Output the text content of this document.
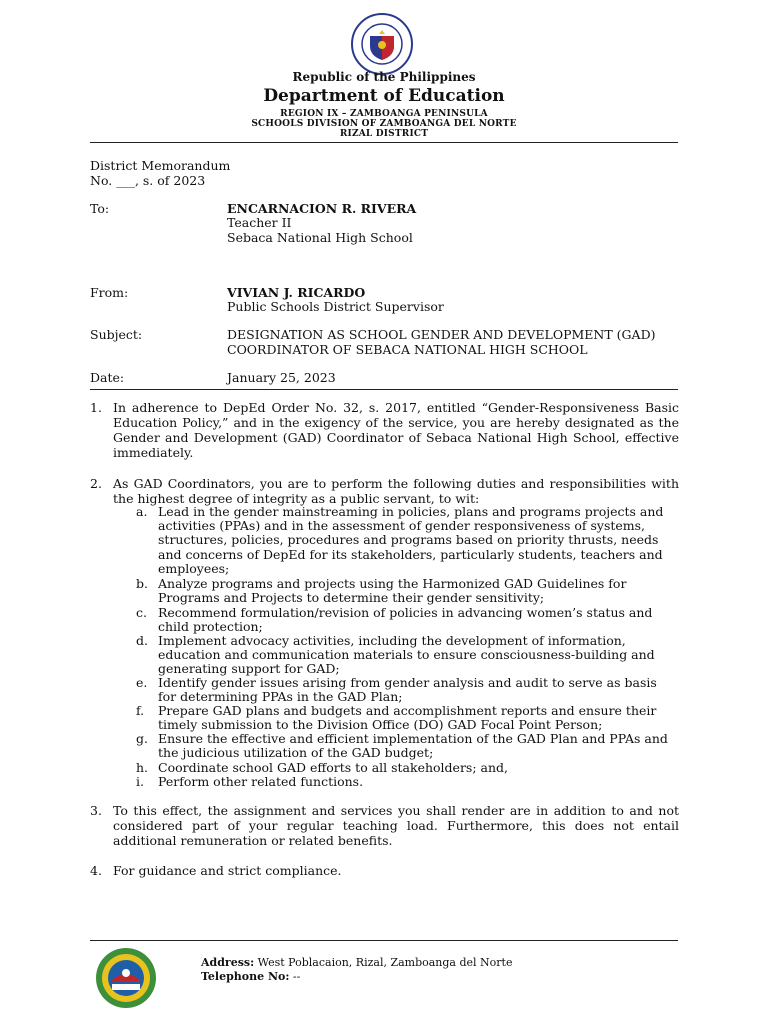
Republic of the Philippines
Department of Education
REGION IX – ZAMBOANGA PENINSULA
SCHOOLS DIVISION OF ZAMBOANGA DEL NORTE
RIZAL DISTRICT
District Memorandum
No. ___, s. of 2023
To:	ENCARNACION R. RIVERA
Teacher II
Sebaca National High School
From:	VIVIAN J. RICARDO
Public Schools District Supervisor
Subject:	DESIGNATION AS SCHOOL GENDER AND DEVELOPMENT (GAD)
COORDINATOR OF SEBACA NATIONAL HIGH SCHOOL
Date:	January 25, 2023
1. In adherence to DepEd Order No. 32, s. 2017, entitled “Gender-Responsiveness Basic Education Policy,” and in the exigency of the service, you are hereby designated as the Gender and Development (GAD) Coordinator of Sebaca National High School, effective immediately.
2. As GAD Coordinators, you are to perform the following duties and responsibilities with the highest degree of integrity as a public servant, to wit:
a. Lead in the gender mainstreaming in policies, plans and programs projects and activities (PPAs) and in the assessment of gender responsiveness of systems, structures, policies, procedures and programs based on priority thrusts, needs and concerns of DepEd for its stakeholders, particularly students, teachers and employees;
b. Analyze programs and projects using the Harmonized GAD Guidelines for Programs and Projects to determine their gender sensitivity;
c. Recommend formulation/revision of policies in advancing women’s status and child protection;
d. Implement advocacy activities, including the development of information, education and communication materials to ensure consciousness-building and generating support for GAD;
e. Identify gender issues arising from gender analysis and audit to serve as basis for determining PPAs in the GAD Plan;
f. Prepare GAD plans and budgets and accomplishment reports and ensure their timely submission to the Division Office (DO) GAD Focal Point Person;
g. Ensure the effective and efficient implementation of the GAD Plan and PPAs and the judicious utilization of the GAD budget;
h. Coordinate school GAD efforts to all stakeholders; and,
i. Perform other related functions.
3. To this effect, the assignment and services you shall render are in addition to and not considered part of your regular teaching load. Furthermore, this does not entail additional remuneration or related benefits.
4. For guidance and strict compliance.
Address: West Poblacaion, Rizal, Zamboanga del Norte
Telephone No: --
